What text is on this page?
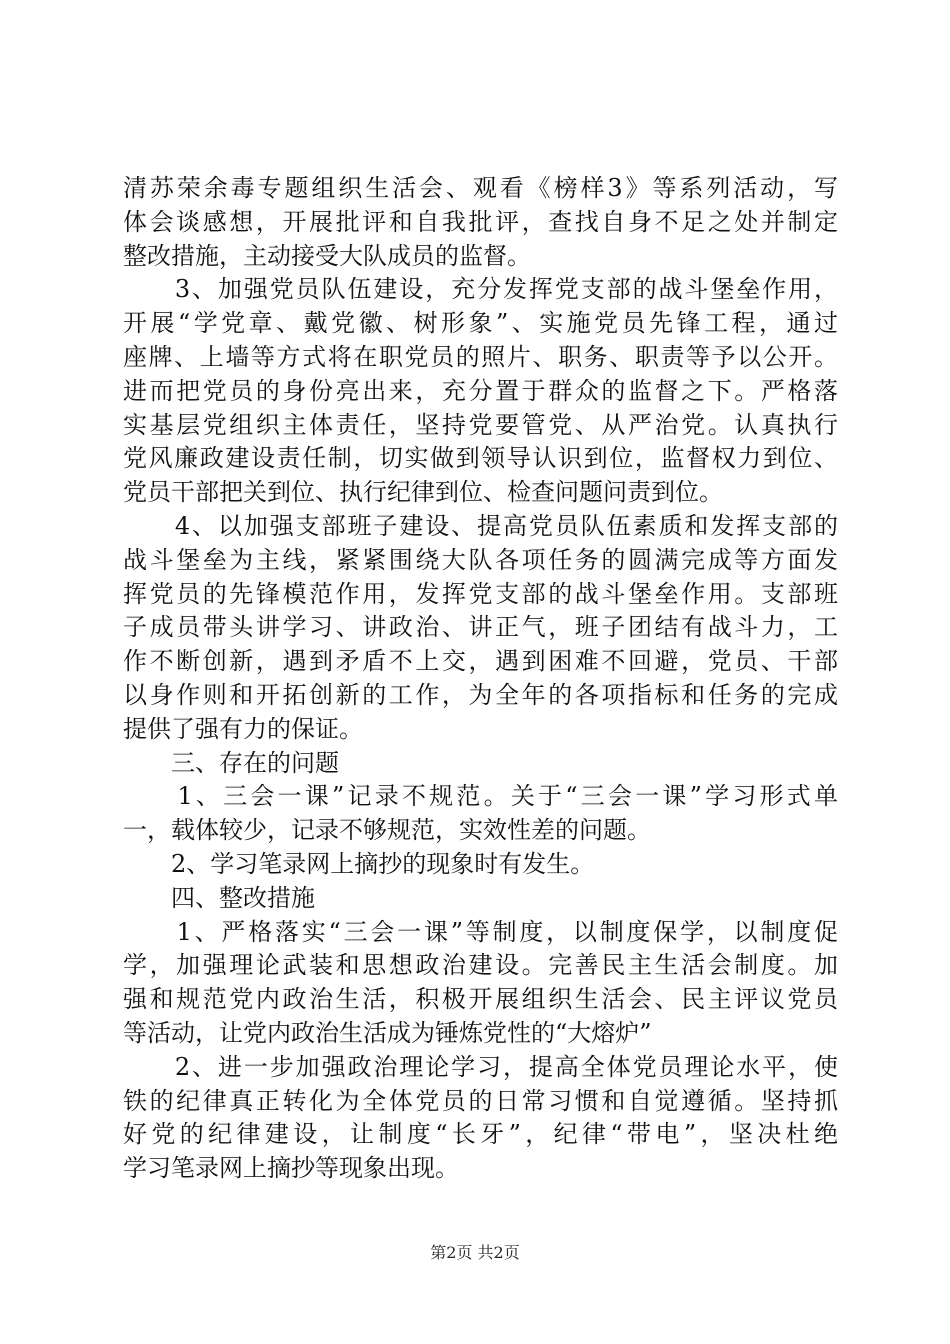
清苏荣余毒专题组织生活会、观看《榜样3》等系列活动，写
体会谈感想，开展批评和自我批评，查找自身不足之处并制定
整改措施，主动接受大队成员的监督。
　　3、加强党员队伍建设，充分发挥党支部的战斗堡垒作用，
开展“学党章、戴党徽、树形象”、实施党员先锋工程，通过
座牌、上墙等方式将在职党员的照片、职务、职责等予以公开。
进而把党员的身份亮出来，充分置于群众的监督之下。严格落
实基层党组织主体责任，坚持党要管党、从严治党。认真执行
党风廉政建设责任制，切实做到领导认识到位，监督权力到位、
党员干部把关到位、执行纪律到位、检查问题问责到位。
　　4、以加强支部班子建设、提高党员队伍素质和发挥支部的
战斗堡垒为主线，紧紧围绕大队各项任务的圆满完成等方面发
挥党员的先锋模范作用，发挥党支部的战斗堡垒作用。支部班
子成员带头讲学习、讲政治、讲正气，班子团结有战斗力，工
作不断创新，遇到矛盾不上交，遇到困难不回避，党员、干部
以身作则和开拓创新的工作，为全年的各项指标和任务的完成
提供了强有力的保证。
　　三、存在的问题
　　1、三会一课”记录不规范。关于“三会一课”学习形式单
一，载体较少，记录不够规范，实效性差的问题。
　　2、学习笔录网上摘抄的现象时有发生。
　　四、整改措施
　　1、严格落实“三会一课”等制度，以制度保学，以制度促
学，加强理论武装和思想政治建设。完善民主生活会制度。加
强和规范党内政治生活，积极开展组织生活会、民主评议党员
等活动，让党内政治生活成为锤炼党性的“大熔炉”
　　2、进一步加强政治理论学习，提高全体党员理论水平，使
铁的纪律真正转化为全体党员的日常习惯和自觉遵循。坚持抓
好党的纪律建设，让制度“长牙”，纪律“带电”，坚决杜绝
学习笔录网上摘抄等现象出现。
第2页 共2页
